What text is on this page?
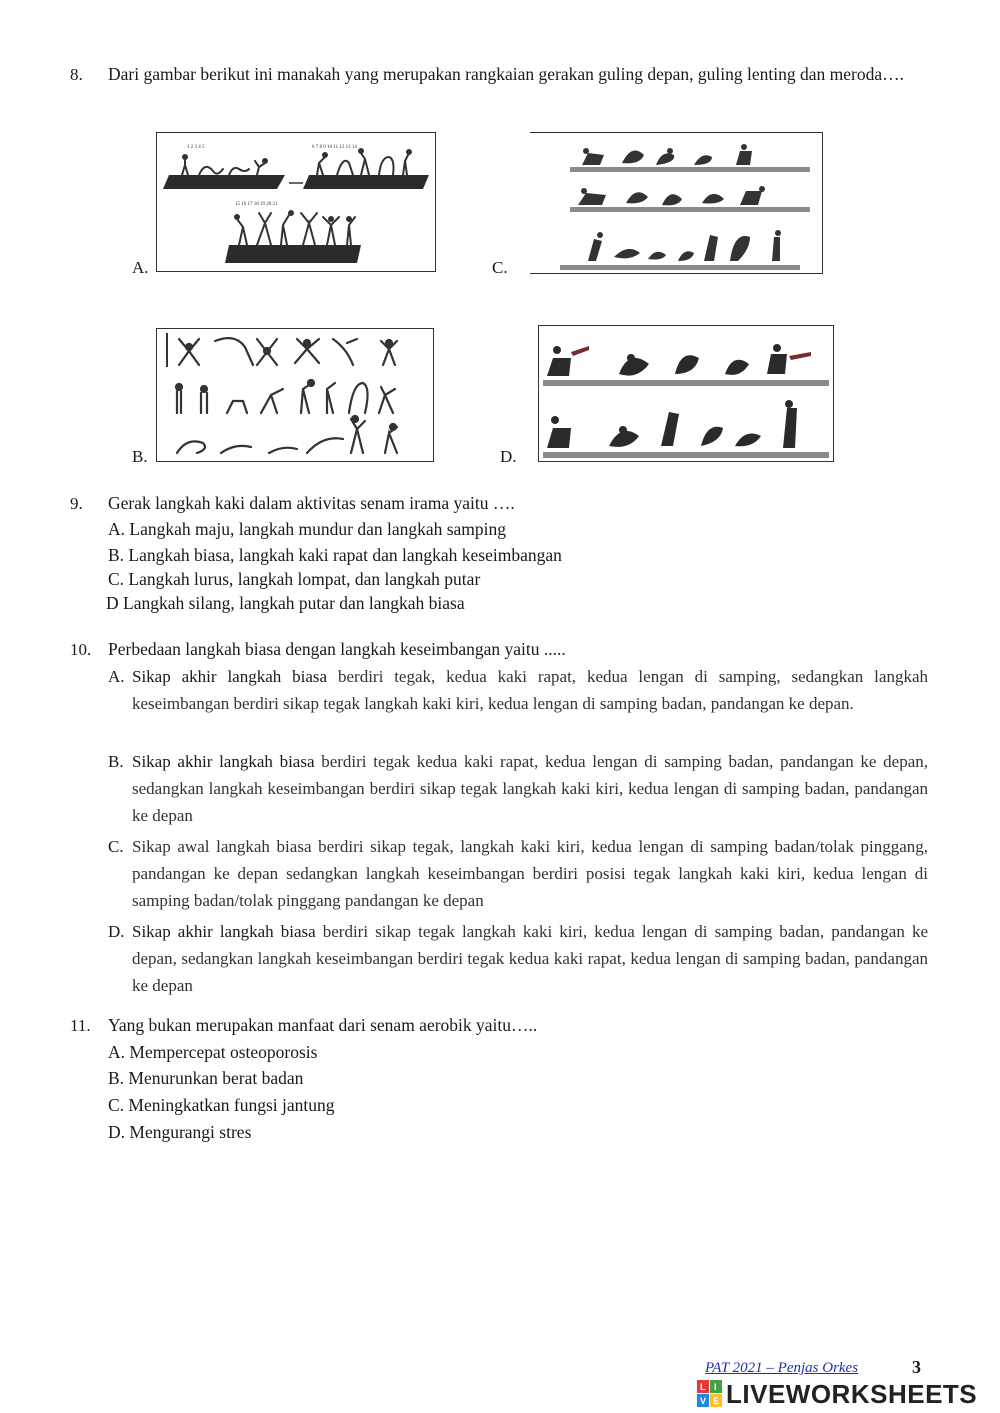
8. Dari gambar berikut ini manakah yang merupakan rangkaian gerakan guling depan, guling lenting dan meroda….
A.
1 2 3 4 5	6 7 8 9 10 11 12 13 14
15 16 17 18 19 20 21
C.
B.	D.
9. Gerak langkah kaki dalam aktivitas senam irama yaitu ….
A. Langkah maju, langkah mundur dan langkah samping
B. Langkah biasa, langkah kaki rapat dan langkah keseimbangan
C. Langkah lurus, langkah lompat, dan langkah putar
D Langkah silang, langkah putar dan langkah biasa
10. Perbedaan langkah biasa dengan langkah keseimbangan yaitu .....
A. Sikap akhir langkah biasa berdiri tegak, kedua kaki rapat, kedua lengan di samping, sedangkan langkah keseimbangan berdiri sikap tegak langkah kaki kiri, kedua lengan di samping badan, pandangan ke depan.
B. Sikap akhir langkah biasa berdiri tegak kedua kaki rapat, kedua lengan di samping badan, pandangan ke depan, sedangkan langkah keseimbangan berdiri sikap tegak langkah kaki kiri, kedua lengan di samping badan, pandangan ke depan
C. Sikap awal langkah biasa berdiri sikap tegak, langkah kaki kiri, kedua lengan di samping badan/tolak pinggang, pandangan ke depan sedangkan langkah keseimbangan berdiri posisi tegak langkah kaki kiri, kedua lengan di samping badan/tolak pinggang pandangan ke depan
D. Sikap akhir langkah biasa berdiri sikap tegak langkah kaki kiri, kedua lengan di samping badan, pandangan ke depan, sedangkan langkah keseimbangan berdiri tegak kedua kaki rapat, kedua lengan di samping badan, pandangan ke depan
11. Yang bukan merupakan manfaat dari senam aerobik yaitu…..
A. Mempercepat osteoporosis
B. Menurunkan berat badan
C. Meningkatkan fungsi jantung
D. Mengurangi stres
PAT 2021 – Penjas Orkes	3
L I
V E LIVEWORKSHEETS
